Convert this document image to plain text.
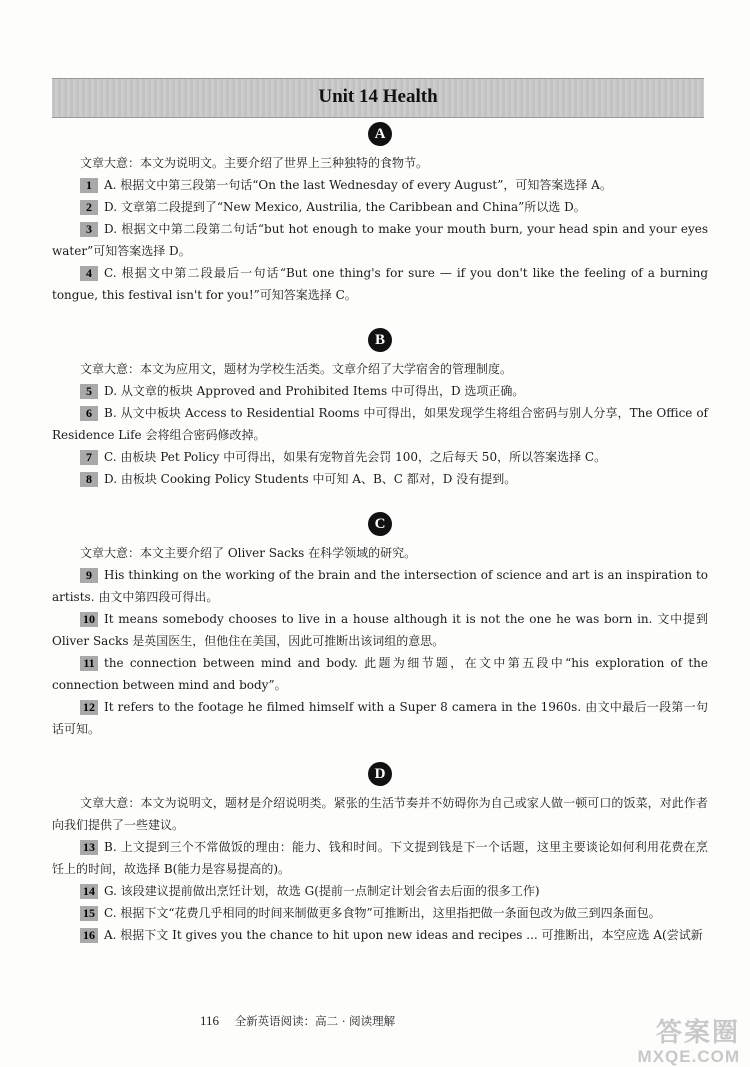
Unit 14 Health
A

文章大意：本文为说明文。主要介绍了世界上三种独特的食物节。

1 A. 根据文中第三段第一句话“On the last Wednesday of every August”，可知答案选择 A。

2 D. 文章第二段提到了“New Mexico, Austrilia, the Caribbean and China”所以选 D。

3 D. 根据文中第二段第二句话“but hot enough to make your mouth burn, your head spin and your eyes water”可知答案选择 D。

4 C. 根据文中第二段最后一句话“But one thing's for sure — if you don't like the feeling of a burning tongue, this festival isn't for you!”可知答案选择 C。

B

文章大意：本文为应用文，题材为学校生活类。文章介绍了大学宿舍的管理制度。

5 D. 从文章的板块 Approved and Prohibited Items 中可得出，D 选项正确。

6 B. 从文中板块 Access to Residential Rooms 中可得出，如果发现学生将组合密码与别人分享，The Office of Residence Life 会将组合密码修改掉。

7 C. 由板块 Pet Policy 中可得出，如果有宠物首先会罚 100，之后每天 50，所以答案选择 C。

8 D. 由板块 Cooking Policy Students 中可知 A、B、C 都对，D 没有提到。

C

文章大意：本文主要介绍了 Oliver Sacks 在科学领域的研究。

9 His thinking on the working of the brain and the intersection of science and art is an inspiration to artists. 由文中第四段可得出。

10 It means somebody chooses to live in a house although it is not the one he was born in. 文中提到 Oliver Sacks 是英国医生，但他住在美国，因此可推断出该词组的意思。

11 the connection between mind and body. 此题为细节题，在文中第五段中“his exploration of the connection between mind and body”。

12 It refers to the footage he filmed himself with a Super 8 camera in the 1960s. 由文中最后一段第一句话可知。

D

文章大意：本文为说明文，题材是介绍说明类。紧张的生活节奏并不妨碍你为自己或家人做一顿可口的饭菜，对此作者向我们提供了一些建议。

13 B. 上文提到三个不常做饭的理由：能力、钱和时间。下文提到钱是下一个话题，这里主要谈论如何利用花费在烹饪上的时间，故选择 B(能力是容易提高的)。

14 G. 该段建议提前做出烹饪计划，故选 G(提前一点制定计划会省去后面的很多工作)

15 C. 根据下文“花费几乎相同的时间来制做更多食物”可推断出，这里指把做一条面包改为做三到四条面包。

16 A. 根据下文 It gives you the chance to hit upon new ideas and recipes ... 可推断出，本空应选 A(尝试新

116 全新英语阅读：高二 · 阅读理解	答案圈
MXQE.COM
